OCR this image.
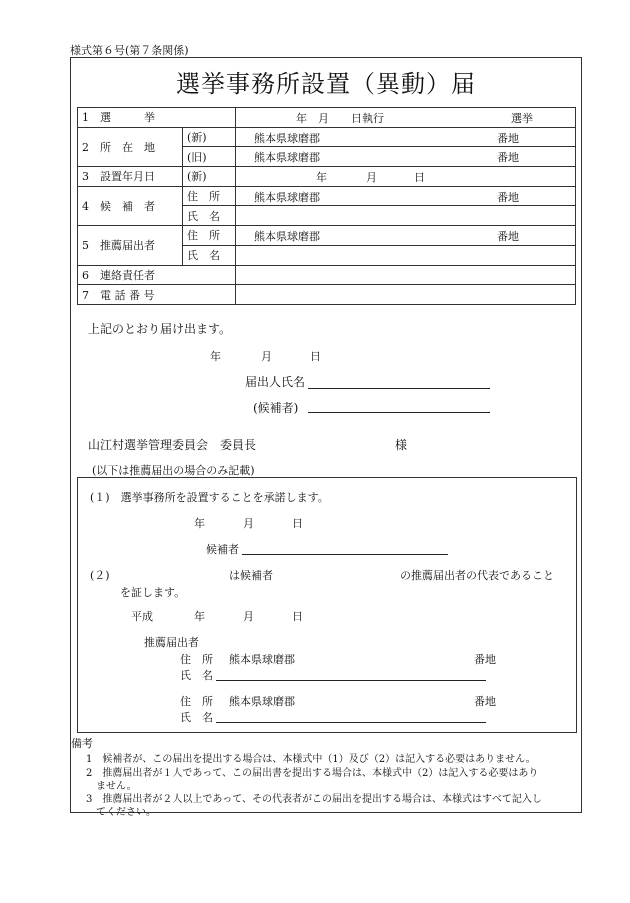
様式第６号(第７条関係)
選挙事務所設置（異動）届
1　 選　　　挙		年　月　　日執行 選挙

2　 所　在　地	(新)	熊本県球磨郡 番地

	(旧)	熊本県球磨郡 番地

3　 設置年月日	(新)	年 月 日

4　 候　補　者	住　所	熊本県球磨郡 番地

	氏　名	
5　 推薦届出者	住　所	熊本県球磨郡 番地

	氏　名	
6　 連絡責任者		
7　 電 話 番 号		
上記のとおり届け出ます。
年	月	日
届出人氏名
(候補者)
山江村選挙管理委員会　委員長	様
(以下は推薦届出の場合のみ記載)
(１)　選挙事務所を設置することを承諾します。
年	月	日
候補者
(２)	は候補者	の推薦届出者の代表であること
を証します。
平成	年	月	日
推薦届出者
住　所 熊本県球磨郡	番地
氏　名
住　所 熊本県球磨郡	番地
氏　名
備考
1　候補者が、この届出を提出する場合は、本様式中（1）及び（2）は記入する必要はありません。
2　推薦届出者が１人であって、この届出書を提出する場合は、本様式中（2）は記入する必要はあり
ません。
3　推薦届出者が２人以上であって、その代表者がこの届出を提出する場合は、本様式はすべて記入し
てください。
